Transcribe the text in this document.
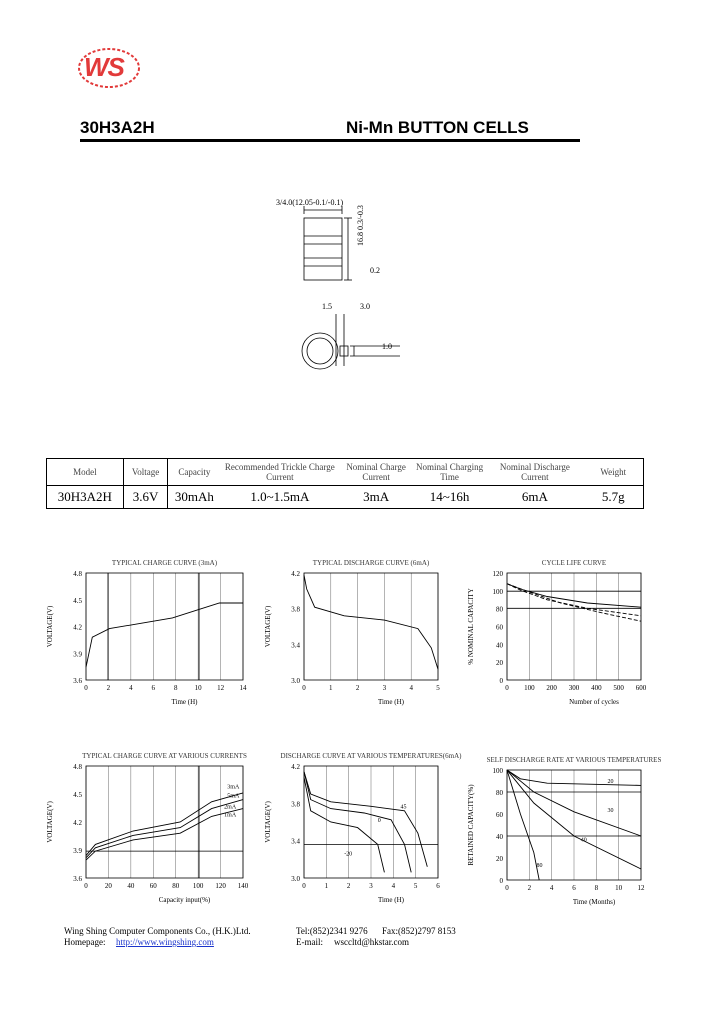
WS
30H3A2H	Ni-Mn BUTTON CELLS
3/4.0(12.05-0.1/-0.1)
16.8 0.3/-0.3
0.2
1.5	3.0
1.0
Model	Voltage	Capacity	Recommended Trickle Charge Current	Nominal Charge Current	Nominal Charging Time	Nominal Discharge Current	Weight
30H3A2H	3.6V	30mAh	1.0~1.5mA	3mA	14~16h	6mA	5.7g
TYPICAL CHARGE CURVE (3mA)
0	2	4	6	8 10 12 14
4.8
4.5
4.2
3.9
3.6
VOLTAGE(V)
Time (H)
TYPICAL DISCHARGE CURVE (6mA)
0	1	2	3	4	5
4.2
3.8
3.4
3.0
VOLTAGE(V)
Time (H)
CYCLE LIFE CURVE
0 100 200 300 400 500 600
120
100
80
60
40
20
0
% NOMINAL CAPACITY
Number of cycles
TYPICAL CHARGE CURVE AT VARIOUS CURRENTS
0 20 40 60 80 100 120 140
4.8
4.5
4.2
3.9
3.6
VOLTAGE(V)
Capacity input(%)
3mA
5mA
2mA
1mA
DISCHARGE CURVE AT VARIOUS TEMPERATURES(6mA)
0	1	2	3	4	5	6
4.2
3.8
3.4
3.0
VOLTAGE(V)
Time (H)
45
0
-20
SELF DISCHARGE RATE AT VARIOUS TEMPERATURES
0	2	4	6	8 10 12
100
80
60
40
20
0
RETAINED CAPACITY(%)
Time (Months)
20
30
40
80
Wing Shing Computer Components Co., (H.K.)Ltd.
Homepage: http://www.wingshing.com
Tel:(852)2341 9276 Fax:(852)2797 8153
E-mail: wsccltd@hkstar.com
